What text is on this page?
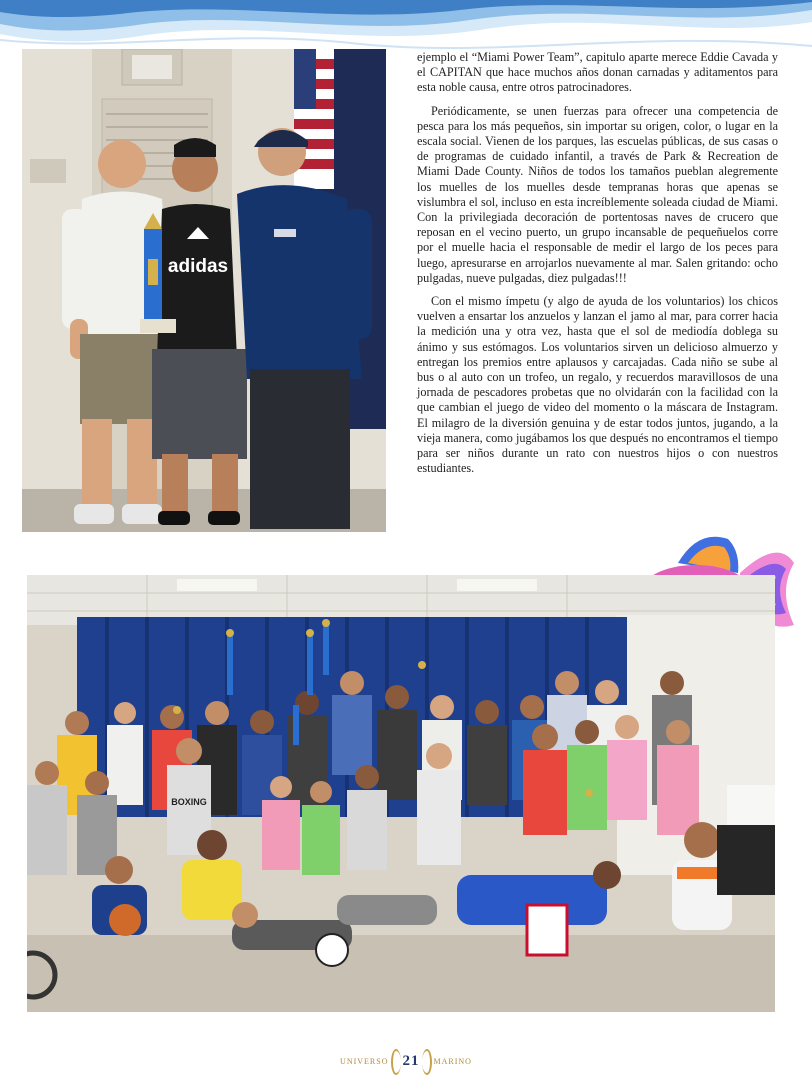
adidas

ejemplo el “Miami Power Team”, capitulo aparte merece Eddie Cavada y el CAPITAN que hace muchos años donan carnadas y aditamentos para esta noble causa, entre otros patrocinadores.

Periódicamente, se unen fuerzas para ofrecer una competencia de pesca para los más pequeños, sin importar su origen, color, o lugar en la escala social. Vienen de los parques, las escuelas públicas, de sus casas o de programas de cuidado infantil, a través de Park & Recreation de Miami Dade County. Niños de todos los tamaños pueblan alegremente los muelles de los muelles desde tempranas horas que apenas se vislumbra el sol, incluso en esta increíblemente soleada ciudad de Miami. Con la privilegiada decoración de portentosas naves de crucero que reposan en el vecino puerto, un grupo incansable de pequeñuelos corre por el muelle hacia el responsable de medir el largo de los peces para luego, apresurarse en arrojarlos nuevamente al mar. Salen gritando: ocho pulgadas, nueve pulgadas, diez pulgadas!!!

Con el mismo ímpetu (y algo de ayuda de los voluntarios) los chicos vuelven a ensartar los anzuelos y lanzan el jamo al mar, para correr hacia la medición una y otra vez, hasta que el sol de mediodía doblega su ánimo y sus estómagos. Los voluntarios sirven un delicioso almuerzo y entregan los premios entre aplausos y carcajadas. Cada niño se sube al bus o al auto con un trofeo, un regalo, y recuerdos maravillosos de una jornada de pescadores probetas que no olvidarán con la facilidad con la que cambian el juego de video del momento o la máscara de Instagram. El milagro de la diversión genuina y de estar todos juntos, jugando, a la vieja manera, como jugábamos los que después no encontramos el tiempo para ser niños durante un rato con nuestros hijos o con nuestros estudiantes.

BOXING
UNIVERSO 21	MARINO
